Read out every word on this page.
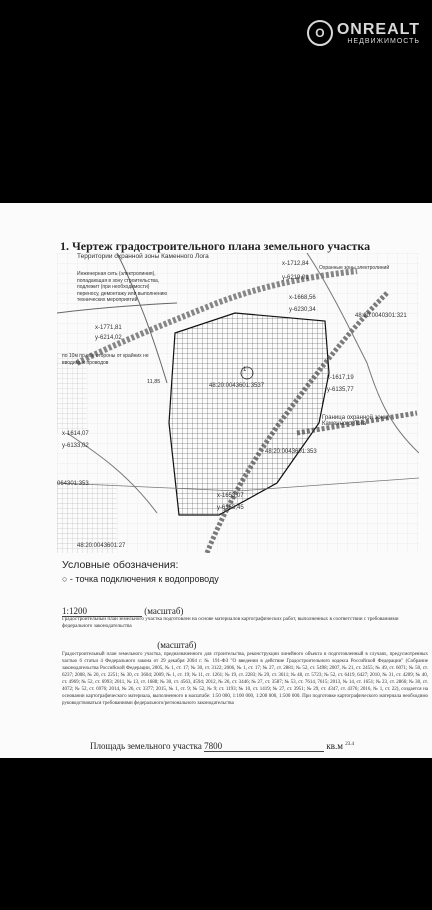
O ONREALT
НЕДВИЖИМОСТЬ
1. Чертеж градостроительного плана земельного участка
Территории охранной зоны Каменного Лога
Инженерная сеть (электролиния), попадающая в зону строительства, подлежит (при необходимости) переносу, демонтажу или выполнению технических мероприятий
х-1712,84
у-6219,01
Охранные зоны электролиний
х-1771,81
у-6214,02
х-1668,56
у-6230,34
48:20:0040301:321
по 10м по обе стороны от крайних не вводимых проводов
11,85
48:20:0043601:3537
1
х-1617,19
у-6135,77
Граница охранной зоны Каменного Лога
х-1614,07
у-6133,02
48:20:0043601:353
064301:353
х-1653,07
у-6153,45
48:20:0043601:27
Условные обозначения:
○ - точка подключения к водопроводу
1:1200	(масштаб)
Градостроительный план земельного участка подготовлен на основе материалов картографических работ, выполненных в соответствии с требованиями федерального законодательства
(масштаб)
Градостроительный план земельного участка, предназначенного для строительства, реконструкции линейного объекта и подготовленный в случаях, предусмотренных частью 6 статьи 4 Федерального закона от 29 декабря 2004 г. № 191-ФЗ "О введении в действие Градостроительного кодекса Российской Федерации" (Собрание законодательства Российской Федерации, 2005, № 1, ст. 17; № 30, ст. 3122; 2006, № 1, ст. 17; № 27, ст. 2881; № 52, ст. 5498; 2007, № 21, ст. 2455; № 49, ст. 6071; № 50, ст. 6237; 2008, № 20, ст. 2251; № 30, ст. 3604; 2009, № 1, ст. 19; № 11, ст. 1261; № 19, ст. 2283; № 29, ст. 3611; № 48, ст. 5723; № 52, ст. 6419, 6427; 2010, № 31, ст. 4209; № 40, ст. 4969; № 52, ст. 6993; 2011, № 13, ст. 1688; № 30, ст. 4563, 4594; 2012, № 26, ст. 3446; № 27, ст. 3587; № 53, ст. 7614, 7615; 2013, № 14, ст. 1651; № 23, ст. 2866; № 30, ст. 4072; № 52, ст. 6976; 2014, № 26, ст. 3377; 2015, № 1, ст. 9; № 52, № 9; ст. 1193; № 10, ст. 1419; № 27, ст. 3951; № 29, ст. 4347, ст. 4376; 2016, № 1, ст. 22), создается на основании картографического материала, выполненного в масштабе: 1:50 000, 1:100 000, 1:200 000, 1:500 000. При подготовке картографического материала необходимо руководствоваться требованиями федерального/регионального законодательства
Площадь земельного участка 7800	кв.м $^{23.4}$
